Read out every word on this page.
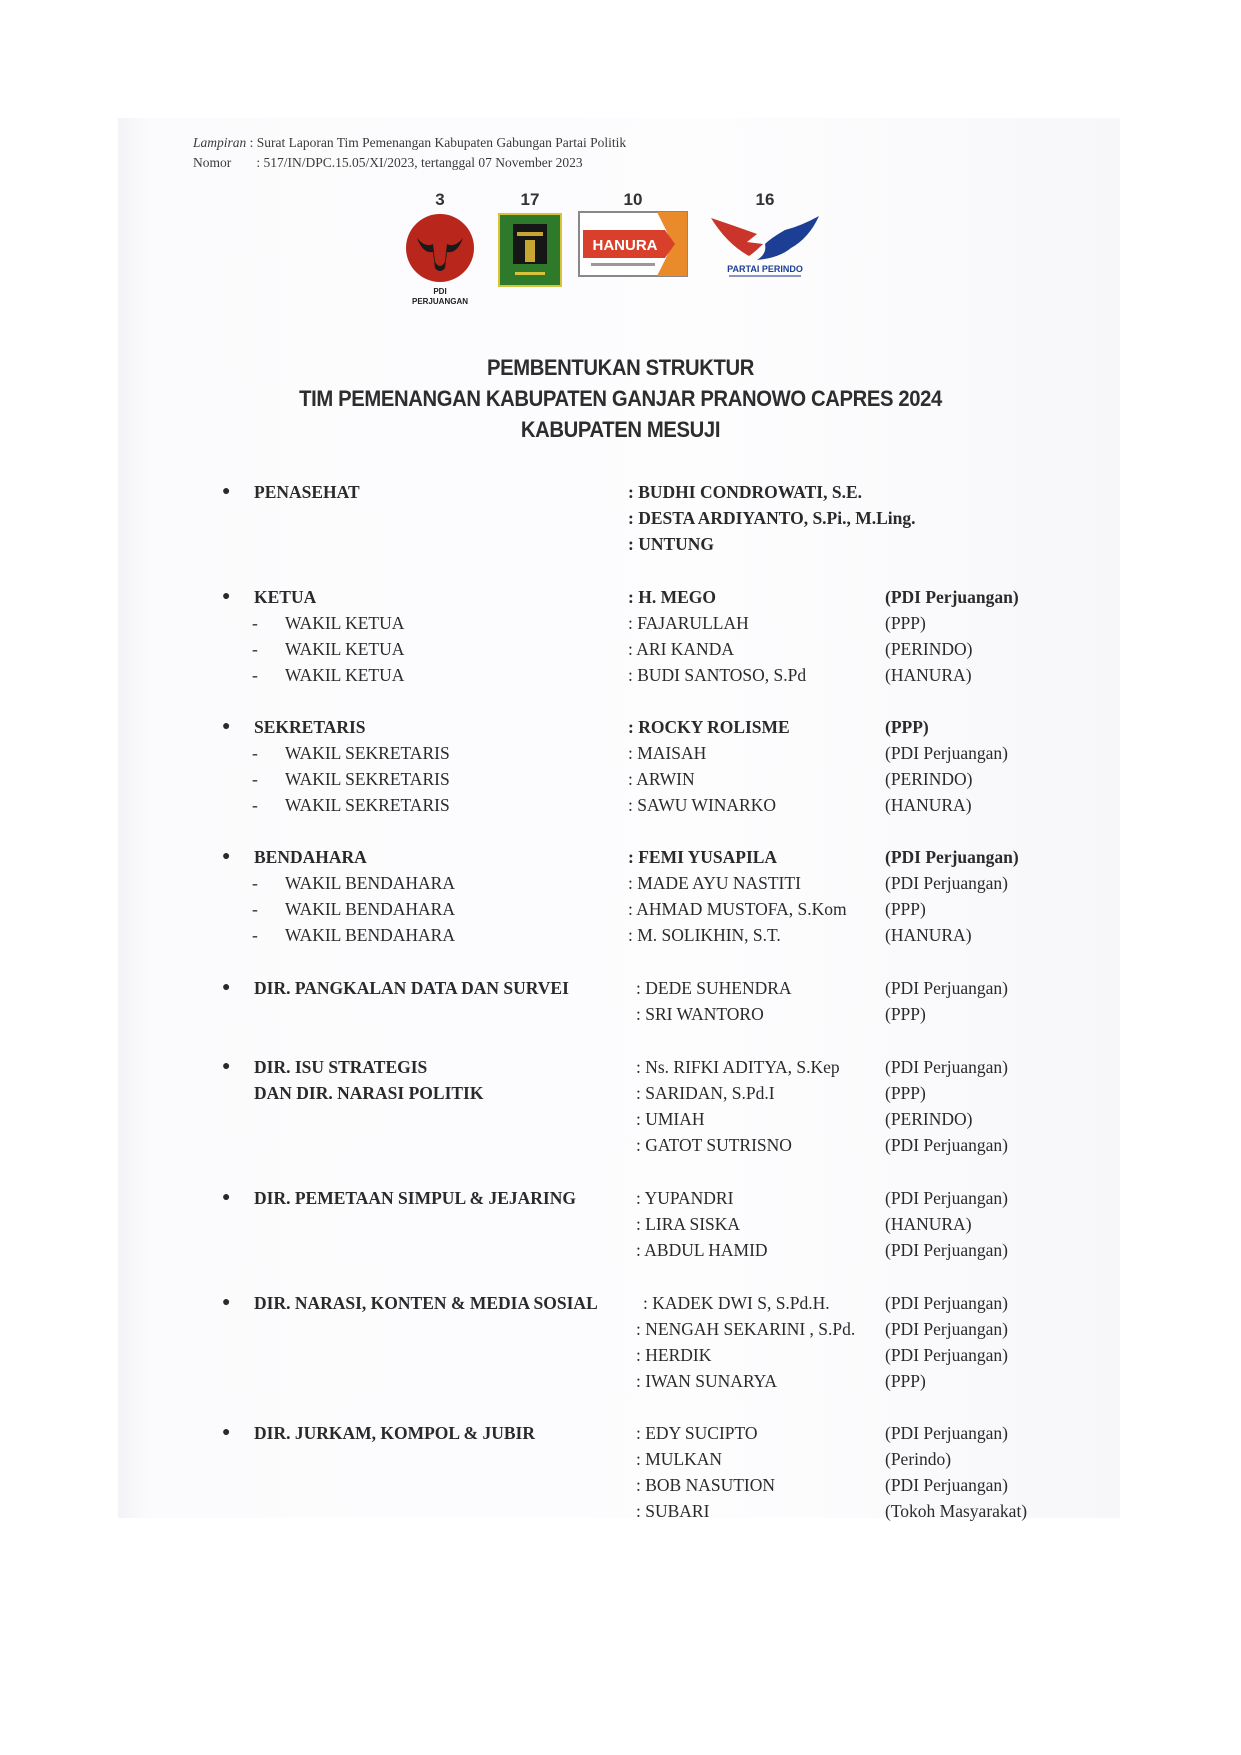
Lampiran : Surat Laporan Tim Pemenangan Kabupaten Gabungan Partai Politik
Nomor : 517/IN/DPC.15.05/XI/2023, tertanggal 07 November 2023
3
PDI
PERJUANGAN
17	10
HANURA
16
PARTAI PERINDO
PEMBENTUKAN STRUKTUR
TIM PEMENANGAN KABUPATEN GANJAR PRANOWO CAPRES 2024
KABUPATEN MESUJI
● PENASEHAT	: BUDHI CONDROWATI, S.E.
: DESTA ARDIYANTO, S.Pi., M.Ling.
: UNTUNG
● KETUA	: H. MEGO	(PDI Perjuangan)
- WAKIL KETUA	: FAJARULLAH	(PPP)
- WAKIL KETUA	: ARI KANDA	(PERINDO)
- WAKIL KETUA	: BUDI SANTOSO, S.Pd	(HANURA)
● SEKRETARIS	: ROCKY ROLISME	(PPP)
- WAKIL SEKRETARIS	: MAISAH	(PDI Perjuangan)
- WAKIL SEKRETARIS	: ARWIN	(PERINDO)
- WAKIL SEKRETARIS	: SAWU WINARKO	(HANURA)
● BENDAHARA	: FEMI YUSAPILA	(PDI Perjuangan)
- WAKIL BENDAHARA	: MADE AYU NASTITI	(PDI Perjuangan)
- WAKIL BENDAHARA	: AHMAD MUSTOFA, S.Kom (PPP)
- WAKIL BENDAHARA	: M. SOLIKHIN, S.T.	(HANURA)
● DIR. PANGKALAN DATA DAN SURVEI	: DEDE SUHENDRA	(PDI Perjuangan)
: SRI WANTORO	(PPP)
● DIR. ISU STRATEGIS	: Ns. RIFKI ADITYA, S.Kep	(PDI Perjuangan)
DAN DIR. NARASI POLITIK	: SARIDAN, S.Pd.I	(PPP)
: UMIAH	(PERINDO)
: GATOT SUTRISNO	(PDI Perjuangan)
● DIR. PEMETAAN SIMPUL & JEJARING	: YUPANDRI	(PDI Perjuangan)
: LIRA SISKA	(HANURA)
: ABDUL HAMID	(PDI Perjuangan)
● DIR. NARASI, KONTEN & MEDIA SOSIAL	: KADEK DWI S, S.Pd.H.	(PDI Perjuangan)
: NENGAH SEKARINI , S.Pd. (PDI Perjuangan)
: HERDIK	(PDI Perjuangan)
: IWAN SUNARYA	(PPP)
● DIR. JURKAM, KOMPOL & JUBIR	: EDY SUCIPTO	(PDI Perjuangan)
: MULKAN	(Perindo)
: BOB NASUTION	(PDI Perjuangan)
: SUBARI	(Tokoh Masyarakat)
